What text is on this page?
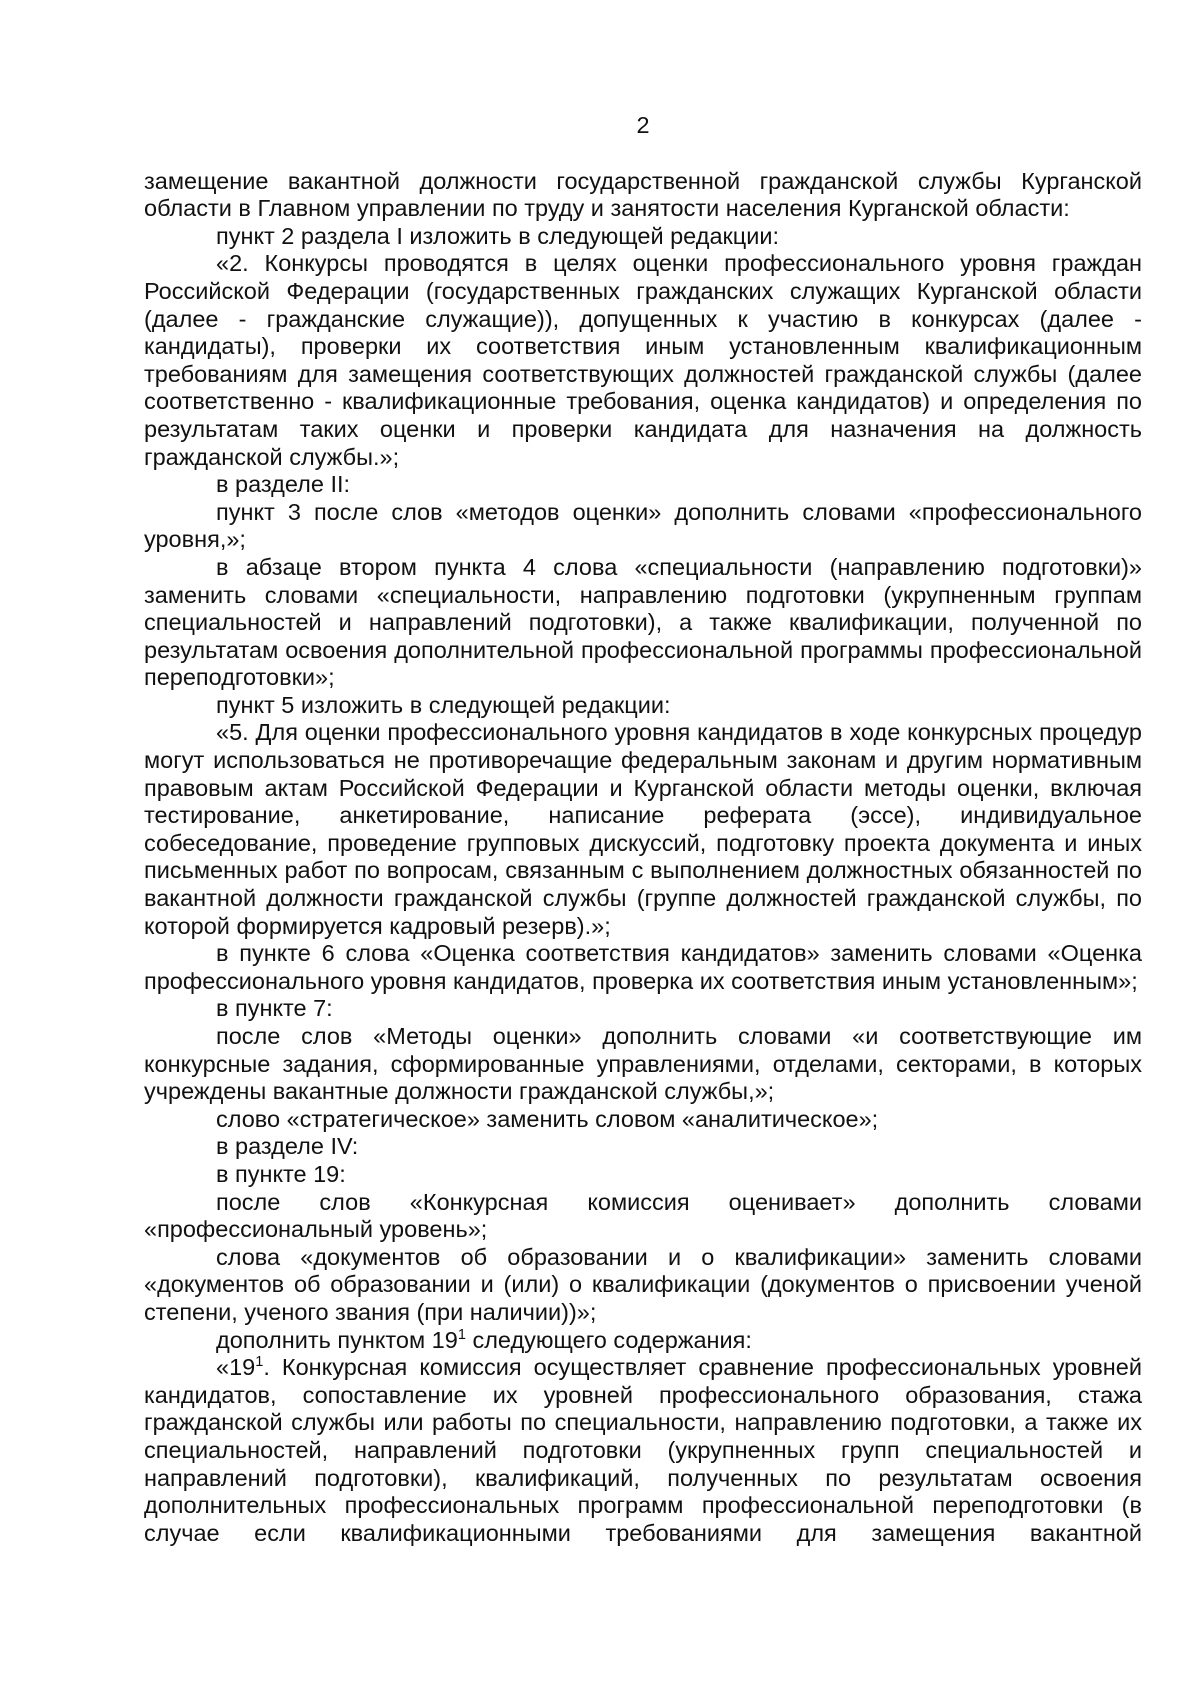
2

замещение вакантной должности государственной гражданской службы Курганской области в Главном управлении по труду и занятости населения Курганской области:

пункт 2 раздела I изложить в следующей редакции:

«2. Конкурсы проводятся в целях оценки профессионального уровня граждан Российской Федерации (государственных гражданских служащих Курганской области (далее - гражданские служащие)), допущенных к участию в конкурсах (далее - кандидаты), проверки их соответствия иным установленным квалификационным требованиям для замещения соответствующих должностей гражданской службы (далее соответственно - квалификационные требования, оценка кандидатов) и определения по результатам таких оценки и проверки кандидата для назначения на должность гражданской службы.»;

в разделе II:

пункт 3 после слов «методов оценки» дополнить словами «профессионального уровня,»;

в абзаце втором пункта 4 слова «специальности (направлению подготовки)» заменить словами «специальности, направлению подготовки (укрупненным группам специальностей и направлений подготовки), а также квалификации, полученной по результатам освоения дополнительной профессиональной программы профессиональной переподготовки»;

пункт 5 изложить в следующей редакции:

«5. Для оценки профессионального уровня кандидатов в ходе конкурсных процедур могут использоваться не противоречащие федеральным законам и другим нормативным правовым актам Российской Федерации и Курганской области методы оценки, включая тестирование, анкетирование, написание реферата (эссе), индивидуальное собеседование, проведение групповых дискуссий, подготовку проекта документа и иных письменных работ по вопросам, связанным с выполнением должностных обязанностей по вакантной должности гражданской службы (группе должностей гражданской службы, по которой формируется кадровый резерв).»;

в пункте 6 слова «Оценка соответствия кандидатов» заменить словами «Оценка профессионального уровня кандидатов, проверка их соответствия иным установленным»;

в пункте 7:

после слов «Методы оценки» дополнить словами «и соответствующие им конкурсные задания, сформированные управлениями, отделами, секторами, в которых учреждены вакантные должности гражданской службы,»;

слово «стратегическое» заменить словом «аналитическое»;

в разделе IV:

в пункте 19:

после слов «Конкурсная комиссия оценивает» дополнить словами «профессиональный уровень»;

слова «документов об образовании и о квалификации» заменить словами «документов об образовании и (или) о квалификации (документов о присвоении ученой степени, ученого звания (при наличии))»;

дополнить пунктом $19^1$ следующего содержания:

«$19^1$. Конкурсная комиссия осуществляет сравнение профессиональных уровней кандидатов, сопоставление их уровней профессионального образования, стажа гражданской службы или работы по специальности, направлению подготовки, а также их специальностей, направлений подготовки (укрупненных групп специальностей и направлений подготовки), квалификаций, полученных по результатам освоения дополнительных профессиональных программ профессиональной переподготовки (в случае если квалификационными требованиями для замещения вакантной
